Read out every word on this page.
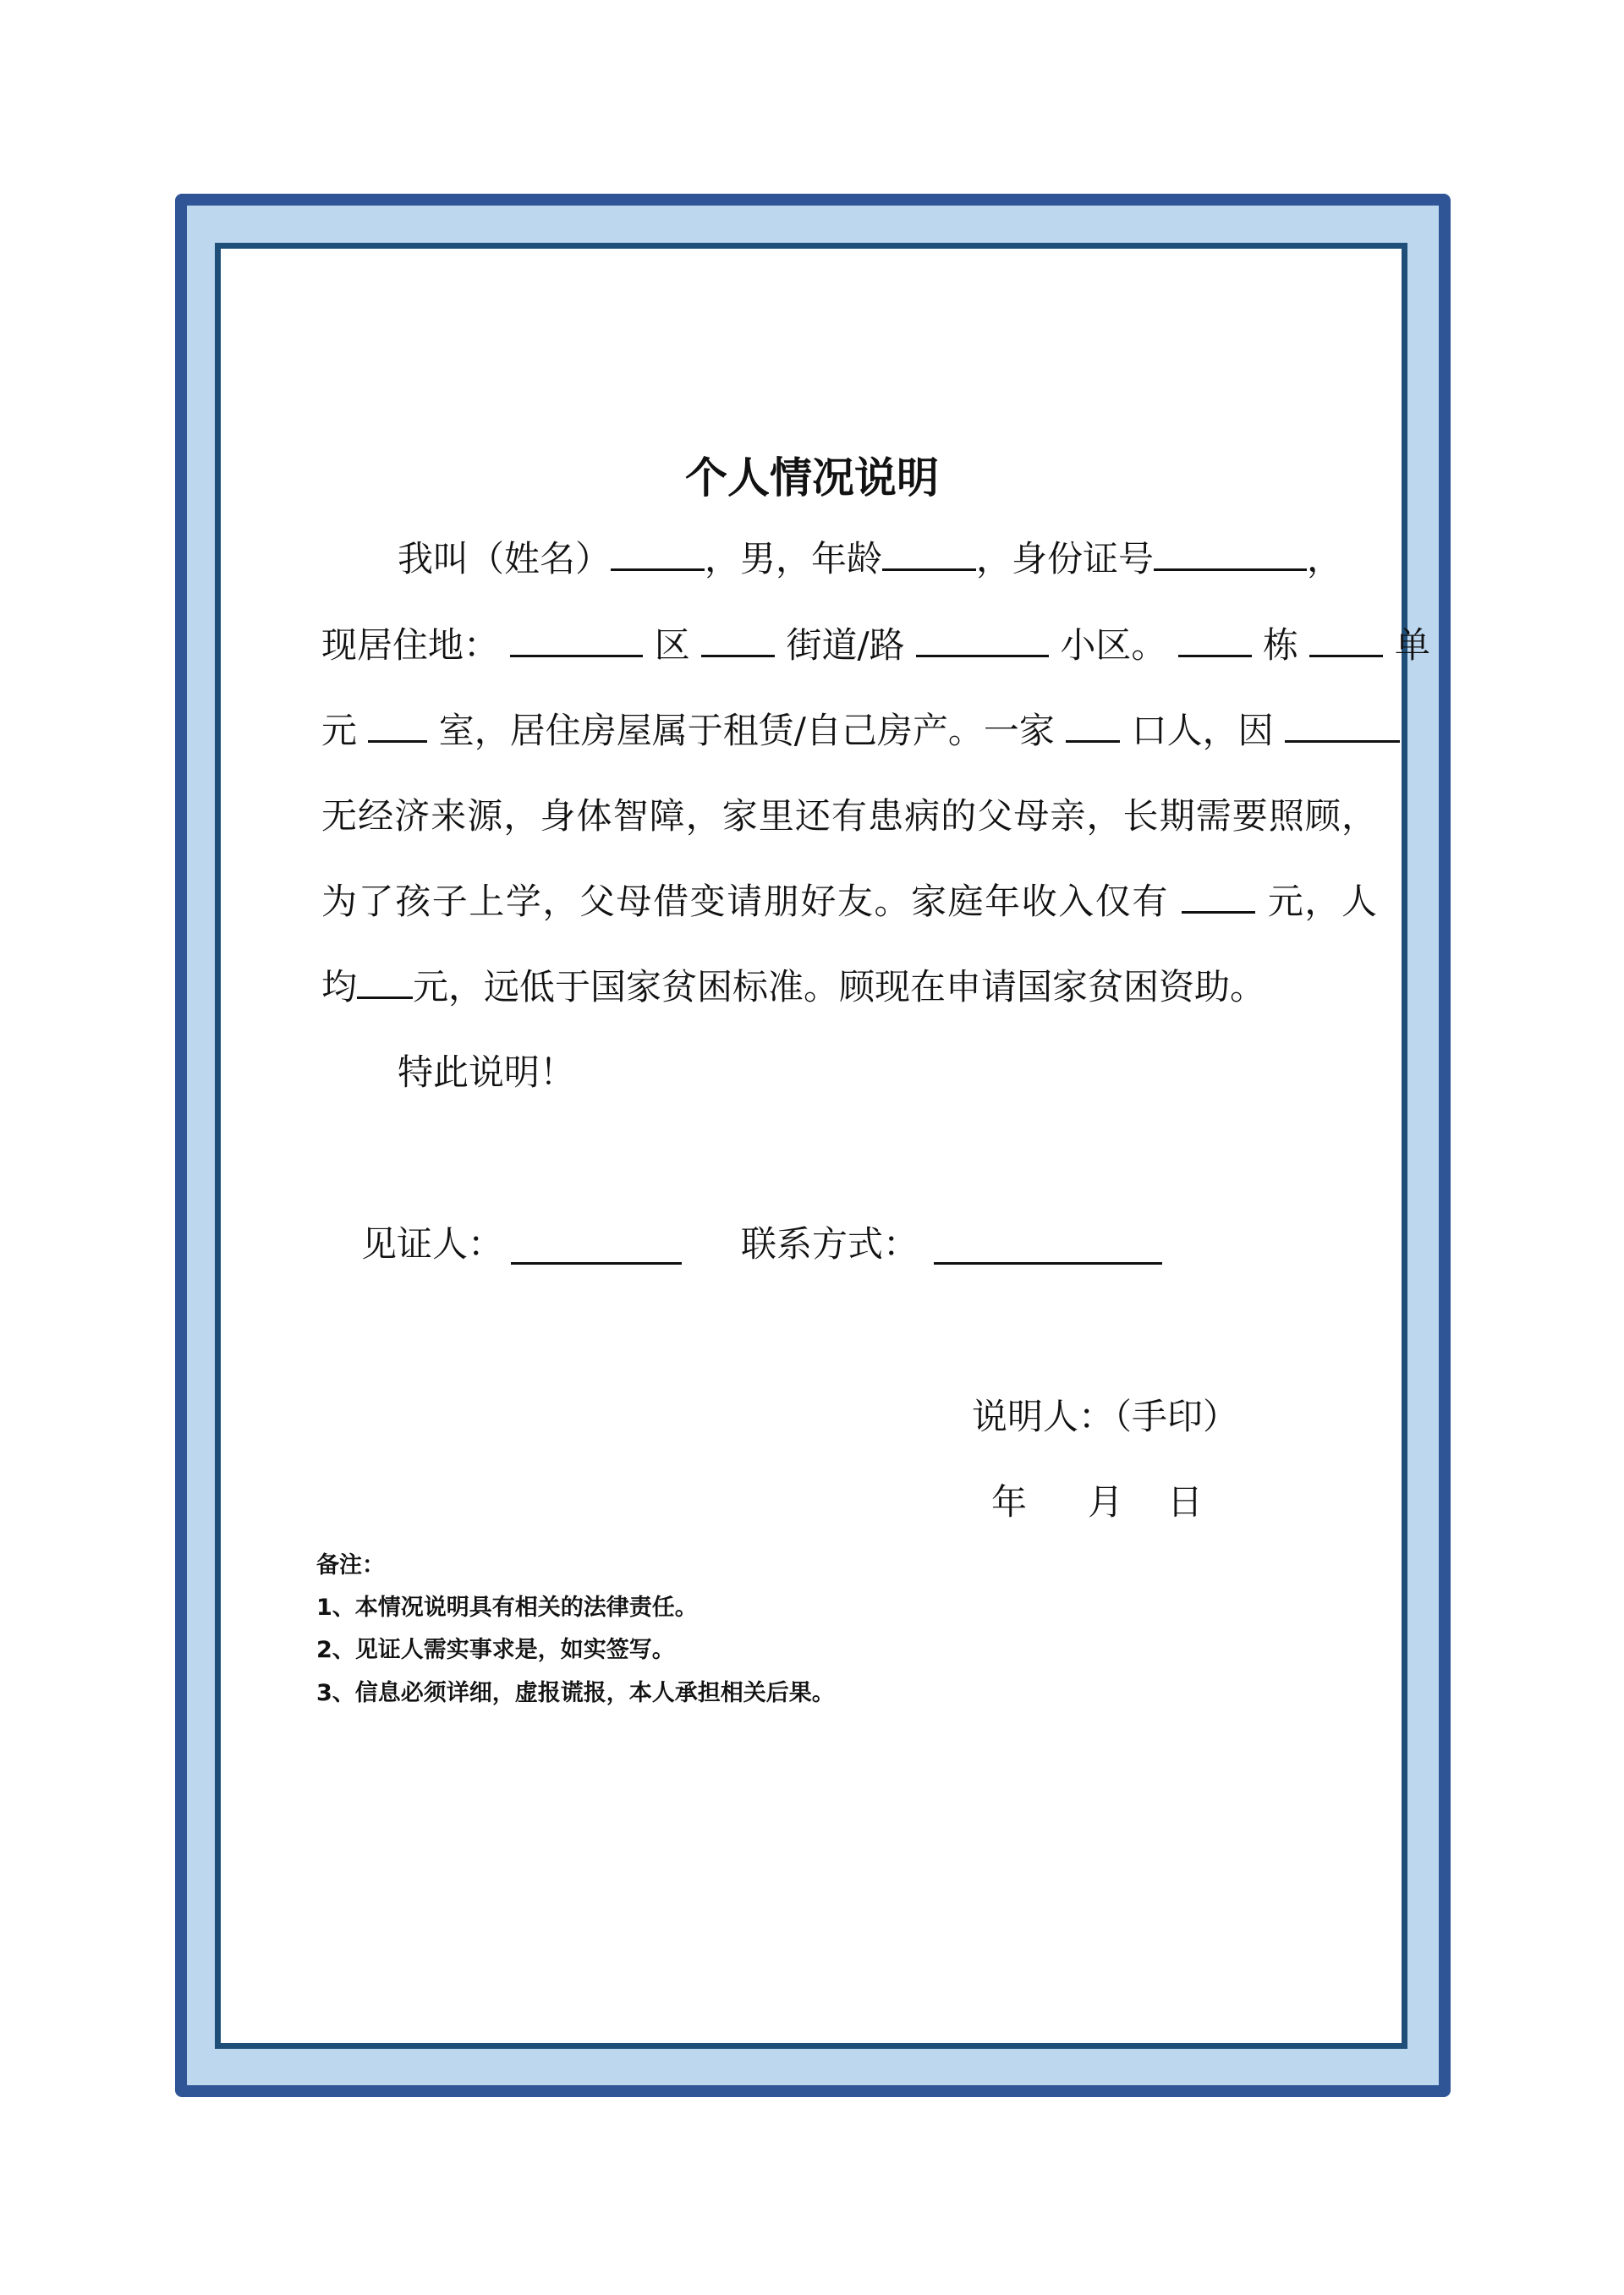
个人情况说明
我叫（姓名）	，男，年龄	，身份证号	，
现居住地：	区	街道/路	小区。	栋	单
元 室，居住房屋属于租赁/自己房产。一家 口人，因
无经济来源，身体智障，家里还有患病的父母亲，长期需要照顾，
为了孩子上学，父母借变请朋好友。家庭年收入仅有	元，人
均 元，远低于国家贫困标准。顾现在申请国家贫困资助。
特此说明！
见证人：	联系方式：
说明人：（手印）
年 月 日
备注：
1、本情况说明具有相关的法律责任。
2、见证人需实事求是，如实签写。
3、信息必须详细，虚报谎报，本人承担相关后果。
